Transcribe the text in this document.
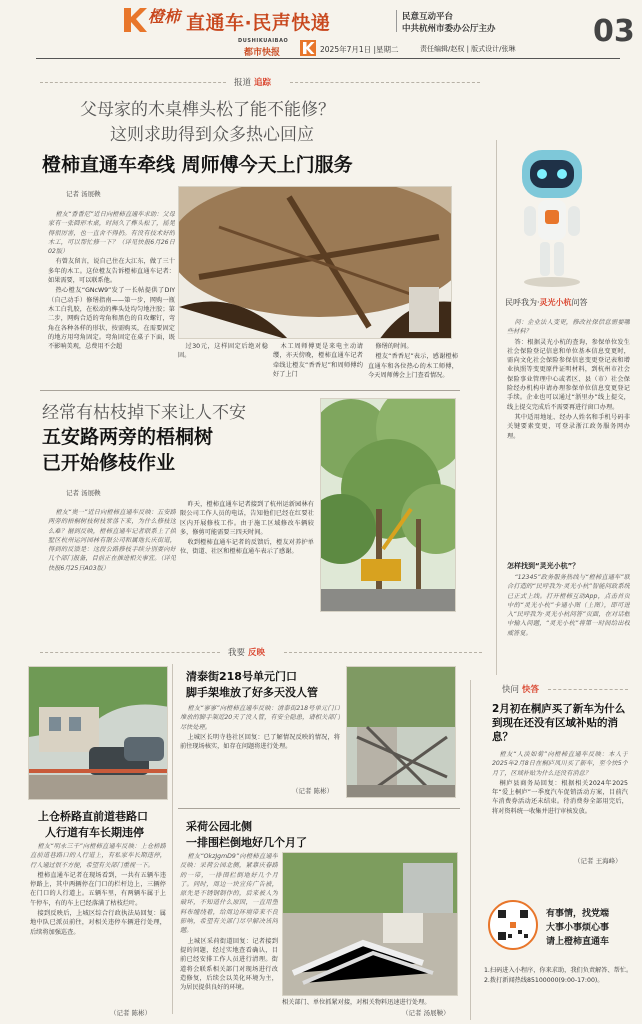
橙柿 直通车·民声快递	民意互动平台
中共杭州市委办公厅主办
DUSHIKUAIBAO
都市快报	2025年7月1日 |星期二	责任编辑/赵权 | 版式设计/张琳	03
报道 追踪
父母家的木桌榫头松了能不能修？
这则求助得到众多热心回应
橙柿直通车牵线 周师傅今天上门服务
记者 汤展鞅

橙友“香香尼”近日向橙柿直通车求助：父母家有一张圆形木桌，时间久了榫头松了，摇晃得很厉害，也一直舍不得扔。有没有技术好的木工，可以帮忙修一下？（详见快报6月26日02版）

有曾友留言，说自己住在大江东，做了三十多年的木工。这位橙友告诉橙柿直通车记者：如果需要，可以联系他。

热心橙友“GNcW9”发了一长帖提供了DIY（自己动手）修缮指南——第一步，网购一瓶木工白乳胶，在松动的榫头处均匀地注胶；第二步，网购合适的弯角和黑色的自攻螺钉，弯角在各种各样的形状，按需购买，在需要固定的地方用弯角固定。弯角固定在桌子下面，既不影响美观，总费用不会超	过30元，这样固定后绝对稳固。

木工周师傅更是来电主动请缨，亦天傍晚，橙柿直通车记者牵线让橙友“香香尼”和周师傅约好了上门

修缮的时间。

橙友“香香尼”表示，感谢橙柿直通车和各位热心的木工师傅，今天周师傅会上门查看情况。

经常有枯枝掉下来让人不安
五安路两旁的梧桐树
已开始修枝作业
记者 汤展鞅

橙友“奥一”近日向橙柿直通车反映：五安路两旁的梧桐树枝树枝常落下来，为什么修枝这么难？据到反映，橙柿直通车记者联系上了拱墅区杭州运河园林有限公司和属地长庆街道，得到的反馈是：这段公路修枝手续分别要向好几个部门报备，目前正在推进相关事宜。（详见快报6月25日A03版）

昨天，橙柿直通车记者接到了杭州运新园林有限公司工作人员的电话，告知他们已经在红要社区内开展修枝工作。由于施工区域修改车辆较多，修剪可能需要三四天时间。

收到橙柿直通车记者的反馈后，橙友对养护单位、街道、社区和橙柿直通车表示了感谢。

民呼我为·灵光小杭问答

问：企业法人变更，修改社保信息需要哪些材料？

答：根据灵光小杭的查询，参保单位发生社会保险登记信息和单位基本信息变更时，需向文化社会保险参保信息变更登记表和增业执照等变更原件证明材料，到杭州市社会保险事业管理中心或者区、县（市）社会保险经办机构申请办理参保单位信息变更登记手续。企业也可以通过“浙里办”线上提交，线上提交完成后不需要再进行窗口办理。

其中适用地址、经办人姓名和手机号码非关键要素变更，可登录浙江政务服务网办理。

怎样找到“灵光小杭”？

“12345”政务服务热线与“橙柿直通车”联合打造的“民呼我为·灵光小杭”智能问政系统已正式上线。打开橙柿互动App，点击首页中的“灵光小杭”卡通小图（上图），即可进入“民呼我为·灵光小杭问答”页面，在对话框中输入问题，“灵光小杭”将第一时间给出权威答复。

我要 反映
上仓桥路直前道巷路口
人行道有车长期违停

橙友“明永三千”向橙柿直通车反映：上仓桥路直前道巷路口的人行道上，有私家车长期违停，行人通过很不方便，希望有关部门重视一下。

橙柿直通车记者在现场看到，一共有五辆车违停路上，其中两辆停在门口的栏杆边上，三辆停在门口的人行道上。五辆车里，有两辆车属于上午停车，有的车上已经落满了枯枝烂叶。

接到反映后，上城区综合行政执法局回复：属地中队已派员前往，对相关违停车辆进行处理，后续将加强巡查。

（记者 陈彬）
清泰街218号单元门口
脚手架堆放了好多天没人管

橙友“寥寥”向橙柿直通车反映：清泰街218号单元门口堆放的脚手架近20天了没人管，有安全隐患，请相关部门尽快处理。

上城区长明寺巷社区回复：已了解情况反映的情况，将前往现场核实，如存在问题将进行处理。

（记者 陈彬）
采荷公园北侧
一排围栏倒地好几个月了

橙友“OkzJgmD9”向橙柿直通车反映：采荷公园北侧，紧靠庆春路的一带，一排围栏倒地好几个月了。同时，周边一块宣传广告被，原先是不锈钢制作的，后来被人为破坏，不知道什么原因，一直用塑料布缠绕着，给周边环境带来不良影响，希望有关部门尽早解决该问题。

上城区采荷街道回复：记者接到提的问题，经过实地查看确认，目前已经安排工作人员进行清理。街道将会联系相关部门对现场进行改造修复，后续会以美化环境为主，为居民提供良好的环境。

相关部门、单位抓紧对接，对相关物料迅速进行处理。

（记者 汤展鞅）
快问 快答
2月初在桐庐买了新车为什么到现在还没有区域补贴的消息？

橙友“人淡如菊”向橙柿直通车反映：本人于2025年2月8日在桐庐凤川买了新车，至今快5个月了，区域补贴为什么还没有消息？

桐庐县商务局回复：根据相关2024年2025年“爱上桐庐”一季度汽车促销活动方案，目前汽车消费券活动还未结束。待消费券全部用完后，将对资料统一收集并进行审核发放。

（记者 王海峰）
有事情，找党端
大事小事烦心事
请上橙柿直通车

1.扫码进入小程序，你来求助，我们负责解答、帮忙。

2.拨打新闻热线85100000(9:00-17:00)。
